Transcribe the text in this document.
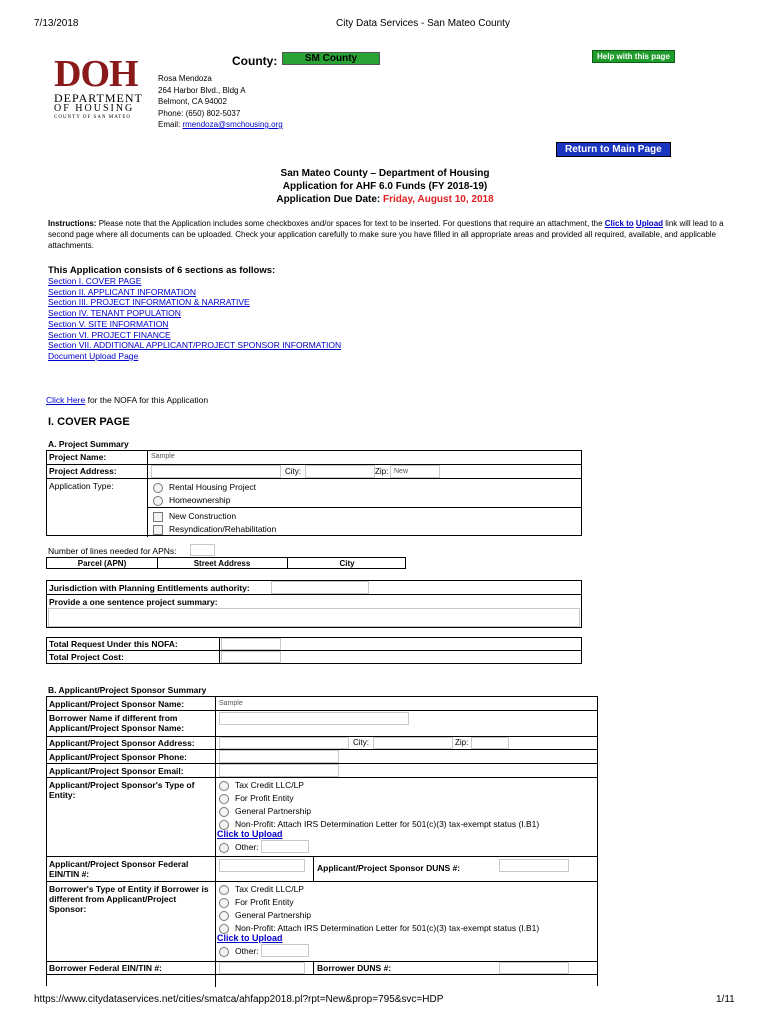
7/13/2018	City Data Services - San Mateo County
DOH
DEPARTMENT
OF HOUSING
COUNTY OF SAN MATEO
County:	SM County	Help with this page
Rosa Mendoza
264 Harbor Blvd., Bldg A
Belmont, CA 94002
Phone: (650) 802-5037
Email: rmendoza@smchousing.org
Return to Main Page
San Mateo County – Department of Housing
Application for AHF 6.0 Funds (FY 2018-19)
Application Due Date: Friday, August 10, 2018
Instructions: Please note that the Application includes some checkboxes and/or spaces for text to be inserted. For questions that require an attachment, the Click to Upload link will lead to a second page where all documents can be uploaded. Check your application carefully to make sure you have filled in all appropriate areas and provided all required, available, and applicable attachments.
This Application consists of 6 sections as follows:
Section I. COVER PAGE
Section II. APPLICANT INFORMATION
Section III. PROJECT INFORMATION & NARRATIVE
Section IV. TENANT POPULATION
Section V. SITE INFORMATION
Section VI. PROJECT FINANCE
Section VII. ADDITIONAL APPLICANT/PROJECT SPONSOR INFORMATION
Document Upload Page
Click Here for the NOFA for this Application
I. COVER PAGE
A. Project Summary
Project Name:	Sample
Project Address:	City:	Zip: New
Application Type:	Rental Housing Project
Homeownership
New Construction
Resyndication/Rehabilitation
Number of lines needed for APNs:
Parcel (APN)	Street Address	City
Jurisdiction with Planning Entitlements authority:
Provide a one sentence project summary:
Total Request Under this NOFA:
Total Project Cost:
B. Applicant/Project Sponsor Summary
Applicant/Project Sponsor Name:	Sample
Borrower Name if different from Applicant/Project Sponsor Name:
Applicant/Project Sponsor Address:	City:	Zip:
Applicant/Project Sponsor Phone:
Applicant/Project Sponsor Email:
Applicant/Project Sponsor's Type of Entity:
Tax Credit LLC/LP
For Profit Entity
General Partnership
Non-Profit: Attach IRS Determination Letter for 501(c)(3) tax-exempt status (I.B1)
Click to Upload
Other:
Applicant/Project Sponsor Federal EIN/TIN #:
Applicant/Project Sponsor DUNS #:
Borrower's Type of Entity if Borrower is different from Applicant/Project Sponsor:
Tax Credit LLC/LP
For Profit Entity
General Partnership
Non-Profit: Attach IRS Determination Letter for 501(c)(3) tax-exempt status (I.B1)
Click to Upload
Other:
Borrower Federal EIN/TIN #:	Borrower DUNS #:
https://www.citydataservices.net/cities/smatca/ahfapp2018.pl?rpt=New&prop=795&svc=HDP	1/11
